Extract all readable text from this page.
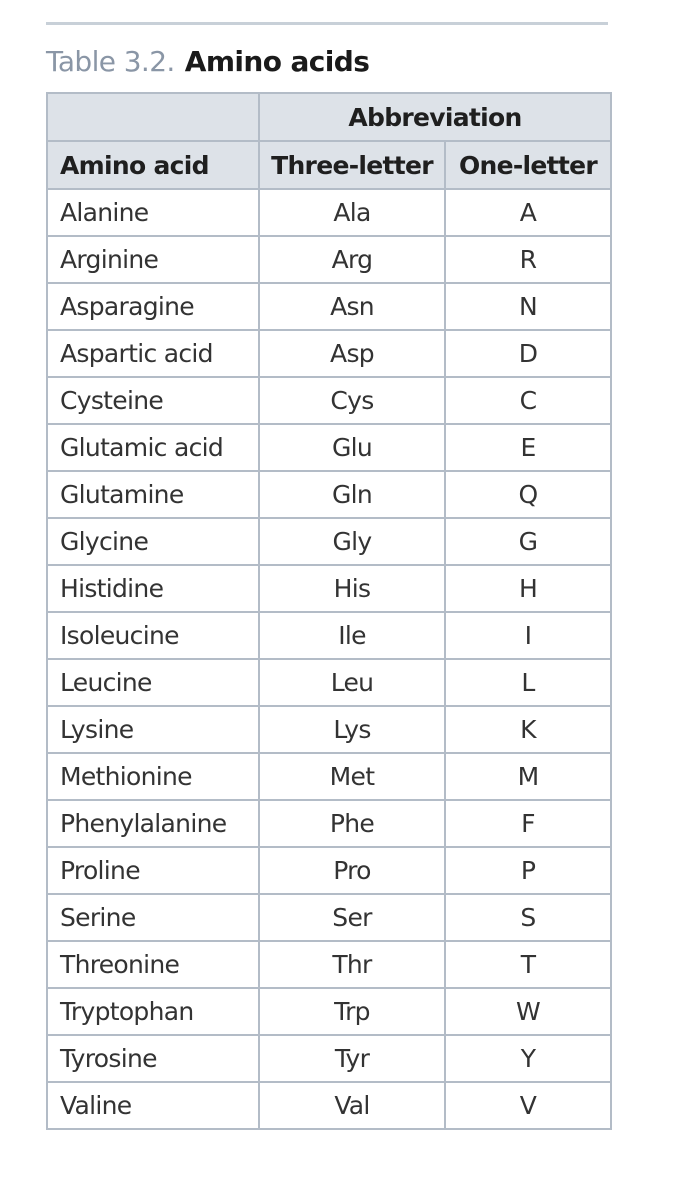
Table 3.2. Amino acids
	Abbreviation	
Amino acid	Three-letter	One-letter
Alanine	Ala	A
Arginine	Arg	R
Asparagine	Asn	N
Aspartic acid	Asp	D
Cysteine	Cys	C
Glutamic acid	Glu	E
Glutamine	Gln	Q
Glycine	Gly	G
Histidine	His	H
Isoleucine	Ile	I
Leucine	Leu	L
Lysine	Lys	K
Methionine	Met	M
Phenylalanine	Phe	F
Proline	Pro	P
Serine	Ser	S
Threonine	Thr	T
Tryptophan	Trp	W
Tyrosine	Tyr	Y
Valine	Val	V
